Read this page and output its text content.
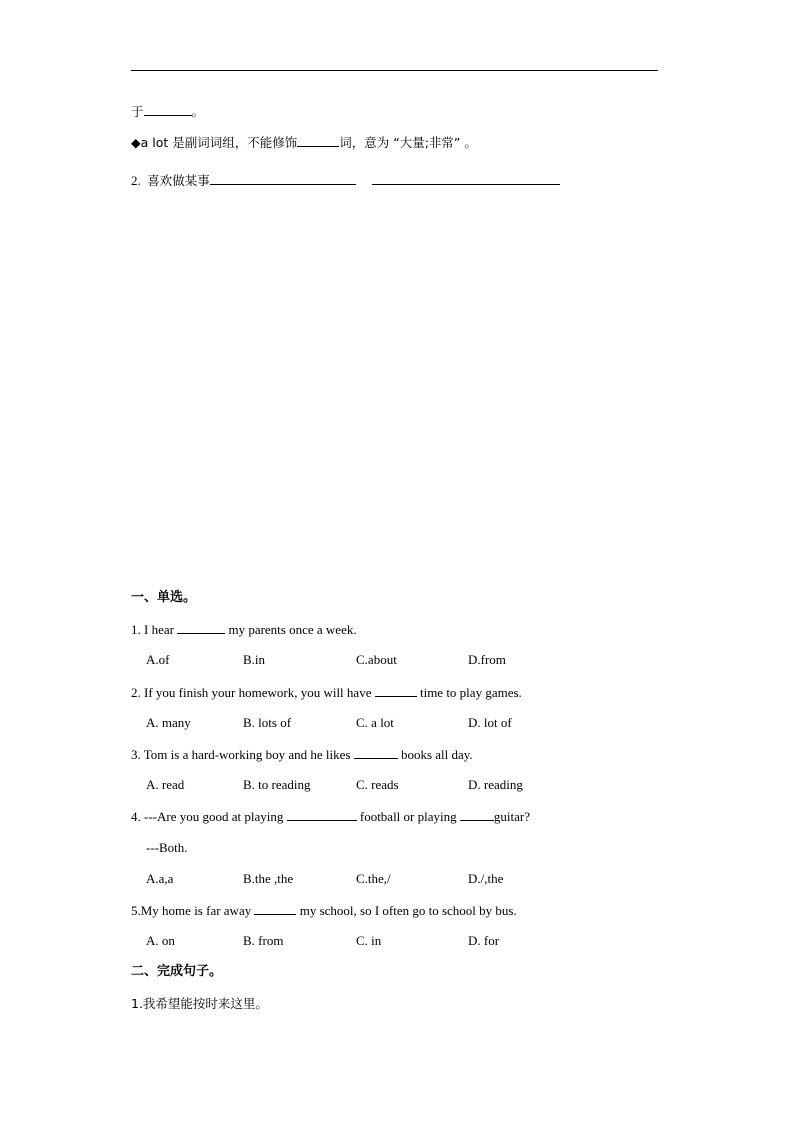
于	。
◆a lot 是副词词组，不能修饰	词，意为 “大量;非常” 。
2. 喜欢做某事
一、单选。
1. I hear	my parents once a week.
A.of	B.in	C.about	D.from
2. If you finish your homework, you will have	time to play games.
A. many	B. lots of	C. a lot	D. lot of
3. Tom is a hard-working boy and he likes	books all day.
A. read	B. to reading	C. reads	D. reading
4. ---Are you good at playing	football or playing	guitar?
---Both.
A.a,a	B.the ,the	C.the,/	D./,the
5.My home is far away	my school, so I often go to school by bus.
A. on	B. from	C. in	D. for
二、完成句子。
1.我希望能按时来这里。
